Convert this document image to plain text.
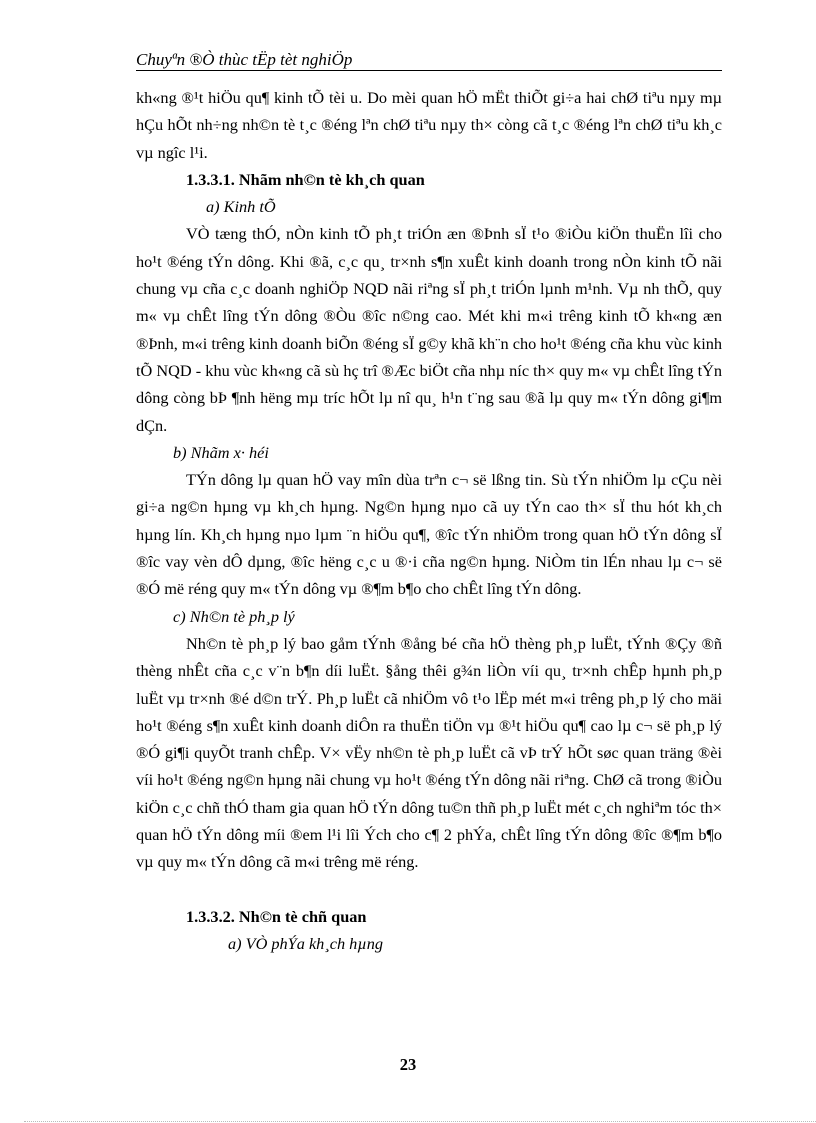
Chuyªn ®Ò thùc tËp tèt nghiÖp

kh«ng ®¹t hiÖu qu¶ kinh tÕ tèi u. Do mèi quan hÖ mËt thiÕt gi÷a hai chØ tiªu nµy mµ hÇu hÕt nh÷ng nh©n tè t¸c ®éng lªn chØ tiªu nµy th× còng cã t¸c ®éng lªn chØ tiªu kh¸c vµ ngîc l¹i.

1.3.3.1. Nhãm nh©n tè kh¸ch quan

a) Kinh tÕ

VÒ tæng thÓ, nÒn kinh tÕ ph¸t triÓn æn ®Þnh sÏ t¹o ®iÒu kiÖn thuËn lîi cho ho¹t ®éng tÝn dông. Khi ®ã, c¸c qu¸ tr×nh s¶n xuÊt kinh doanh trong nÒn kinh tÕ nãi chung vµ cña c¸c doanh nghiÖp NQD nãi riªng sÏ ph¸t triÓn lµnh m¹nh. Vµ nh thÕ, quy m« vµ chÊt lîng tÝn dông ®Òu ®îc n©ng cao. Mét khi m«i trêng kinh tÕ kh«ng æn ®Þnh, m«i trêng kinh doanh biÕn ®éng sÏ g©y khã kh¨n cho ho¹t ®éng cña khu vùc kinh tÕ NQD - khu vùc kh«ng cã sù hç trî ®Æc biÖt cña nhµ níc th× quy m« vµ chÊt lîng tÝn dông còng bÞ ¶nh hëng mµ tríc hÕt lµ nî qu¸ h¹n t¨ng sau ®ã lµ quy m« tÝn dông gi¶m dÇn.

b) Nhãm x· héi

TÝn dông lµ quan hÖ vay mîn dùa trªn c¬ së lßng tin. Sù tÝn nhiÖm lµ cÇu nèi gi÷a ng©n hµng vµ kh¸ch hµng. Ng©n hµng nµo cã uy tÝn cao th× sÏ thu hót kh¸ch hµng lín. Kh¸ch hµng nµo lµm ¨n hiÖu qu¶, ®îc tÝn nhiÖm trong quan hÖ tÝn dông sÏ ®îc vay vèn dÔ dµng, ®îc hëng c¸c u ®·i cña ng©n hµng. NiÒm tin lÉn nhau lµ c¬ së ®Ó më réng quy m« tÝn dông vµ ®¶m b¶o cho chÊt lîng tÝn dông.

c) Nh©n tè ph¸p lý

Nh©n tè ph¸p lý bao gåm tÝnh ®ång bé cña hÖ thèng ph¸p luËt, tÝnh ®Çy ®ñ thèng nhÊt cña c¸c v¨n b¶n díi luËt. §ång thêi g¾n liÒn víi qu¸ tr×nh chÊp hµnh ph¸p luËt vµ tr×nh ®é d©n trÝ. Ph¸p luËt cã nhiÖm vô t¹o lËp mét m«i trêng ph¸p lý cho mäi ho¹t ®éng s¶n xuÊt kinh doanh diÔn ra thuËn tiÖn vµ ®¹t hiÖu qu¶ cao lµ c¬ së ph¸p lý ®Ó gi¶i quyÕt tranh chÊp. V× vËy nh©n tè ph¸p luËt cã vÞ trÝ hÕt søc quan träng ®èi víi ho¹t ®éng ng©n hµng nãi chung vµ ho¹t ®éng tÝn dông nãi riªng. ChØ cã trong ®iÒu kiÖn c¸c chñ thÓ tham gia quan hÖ tÝn dông tu©n thñ ph¸p luËt mét c¸ch nghiªm tóc th× quan hÖ tÝn dông míi ®em l¹i lîi Ých cho c¶ 2 phÝa, chÊt lîng tÝn dông ®îc ®¶m b¶o vµ quy m« tÝn dông cã m«i trêng më réng.

1.3.3.2. Nh©n tè chñ quan

a) VÒ phÝa kh¸ch hµng

23
